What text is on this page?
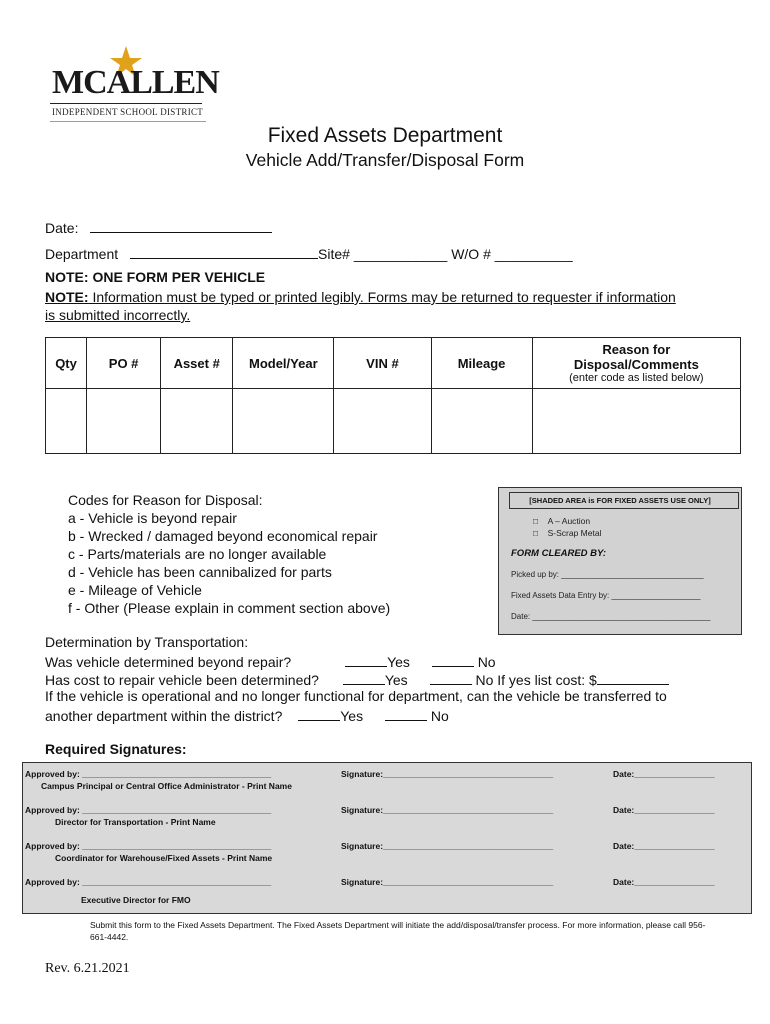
MCALLEN
INDEPENDENT SCHOOL DISTRICT
Fixed Assets Department
Vehicle Add/Transfer/Disposal Form
Date:
Department	Site# ____________ W/O # __________
NOTE: ONE FORM PER VEHICLE
NOTE: Information must be typed or printed legibly. Forms may be returned to requester if information is submitted incorrectly.
Qty	PO #	Asset #	Model/Year	VIN #	Mileage	Reason for
Disposal/Comments
(enter code as listed below)

Codes for Reason for Disposal:
a - Vehicle is beyond repair
b - Wrecked / damaged beyond economical repair
c - Parts/materials are no longer available
d - Vehicle has been cannibalized for parts
e - Mileage of Vehicle
f - Other (Please explain in comment section above)
[SHADED AREA is FOR FIXED ASSETS USE ONLY]
□ A – Auction
□ S-Scrap Metal
FORM CLEARED BY:
Picked up by: ________________________________
Fixed Assets Data Entry by: ____________________
Date: ________________________________________
Determination by Transportation:
Was vehicle determined beyond repair?	Yes	No
Has cost to repair vehicle been determined?	Yes	No If yes list cost: $
If the vehicle is operational and no longer functional for department, can the vehicle be transferred to
another department within the district?	Yes	No
Required Signatures:
Approved by: ________________________________________
Campus Principal or Central Office Administrator - Print Name
Signature:____________________________________	Date:_________________
Approved by: ________________________________________
Director for Transportation - Print Name
Signature:____________________________________	Date:_________________
Approved by: ________________________________________
Coordinator for Warehouse/Fixed Assets - Print Name
Signature:____________________________________	Date:_________________
Approved by: ________________________________________
Executive Director for FMO
Signature:____________________________________	Date:_________________
Submit this form to the Fixed Assets Department. The Fixed Assets Department will initiate the add/disposal/transfer process. For more information, please call 956-661-4442.
Rev. 6.21.2021
